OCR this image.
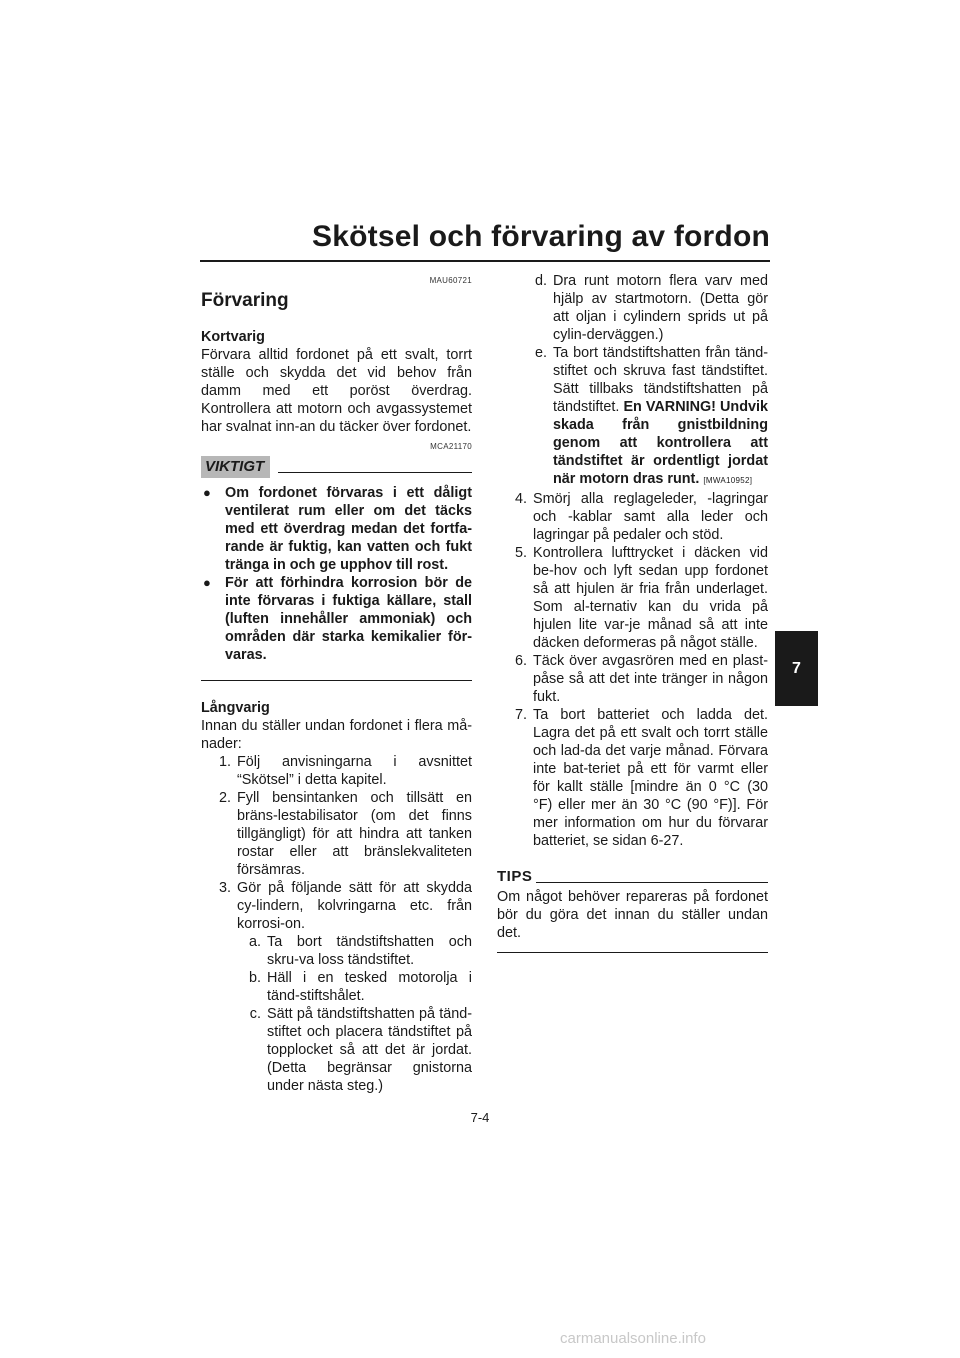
Skötsel och förvaring av fordon
7
MAU60721
Förvaring
Kortvarig

Förvara alltid fordonet på ett svalt, torrt ställe och skydda det vid behov från damm med ett poröst överdrag. Kontrollera att motorn och avgassystemet har svalnat inn-an du täcker över fordonet.

MCA21170
VIKTIGT
● Om fordonet förvaras i ett dåligt ventilerat rum eller om det täcks med ett överdrag medan det fortfa-rande är fuktig, kan vatten och fukt tränga in och ge upphov till rost.
● För att förhindra korrosion bör de inte förvaras i fuktiga källare, stall (luften innehåller ammoniak) och områden där starka kemikalier för-varas.
Långvarig

Innan du ställer undan fordonet i flera må-nader:

1. Följ anvisningarna i avsnittet “Skötsel” i detta kapitel.
2. Fyll bensintanken och tillsätt en bräns-lestabilisator (om det finns tillgängligt) för att hindra att tanken rostar eller att bränslekvaliteten försämras.
3. Gör på följande sätt för att skydda cy-lindern, kolvringarna etc. från korrosi-on.
a. Ta bort tändstiftshatten och skru-va loss tändstiftet.
b. Häll i en tesked motorolja i tänd-stiftshålet.
c. Sätt på tändstiftshatten på tänd-stiftet och placera tändstiftet på topplocket så att det är jordat. (Detta begränsar gnistorna under nästa steg.)
d. Dra runt motorn flera varv med hjälp av startmotorn. (Detta gör att oljan i cylindern sprids ut på cylin-derväggen.)
e. Ta bort tändstiftshatten från tänd-stiftet och skruva fast tändstiftet. Sätt tillbaks tändstiftshatten på tändstiftet. En VARNING! Undvik skada från gnistbildning genom att kontrollera att tändstiftet är ordentligt jordat när motorn dras runt. [MWA10952]
4. Smörj alla reglageleder, -lagringar och -kablar samt alla leder och lagringar på pedaler och stöd.
5. Kontrollera lufttrycket i däcken vid be-hov och lyft sedan upp fordonet så att hjulen är fria från underlaget. Som al-ternativ kan du vrida på hjulen lite var-je månad så att inte däcken deformeras på något ställe.
6. Täck över avgasrören med en plast-påse så att det inte tränger in någon fukt.
7. Ta bort batteriet och ladda det. Lagra det på ett svalt och torrt ställe och lad-da det varje månad. Förvara inte bat-teriet på ett för varmt eller för kallt ställe [mindre än 0 °C (30 °F) eller mer än 30 °C (90 °F)]. För mer information om hur du förvarar batteriet, se sidan 6-27.
TIPS

Om något behöver repareras på fordonet bör du göra det innan du ställer undan det.

7-4
carmanualsonline.info
